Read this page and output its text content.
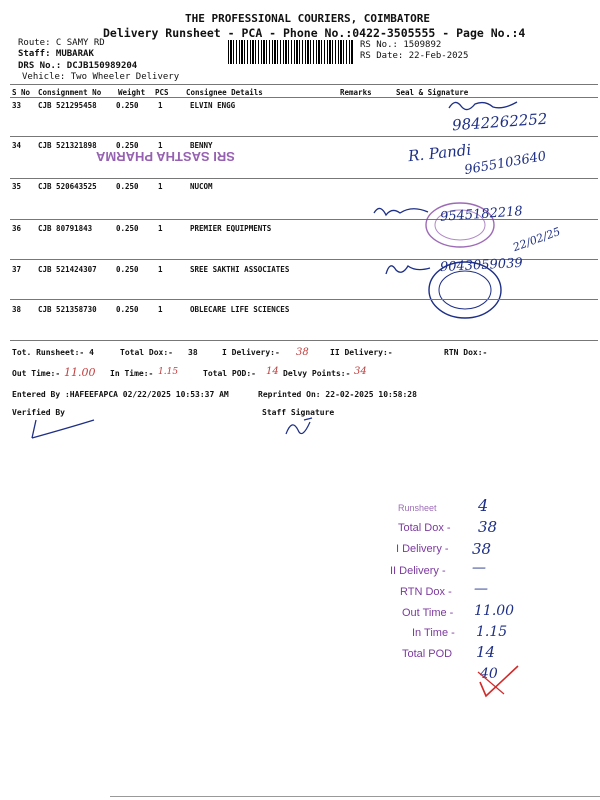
THE PROFESSIONAL COURIERS, COIMBATORE
Delivery Runsheet - PCA - Phone No.:0422-3505555 - Page No.:4
Route: C SAMY RD
Staff: MUBARAK
DRS No.: DCJB150989204
Vehicle: Two Wheeler Delivery
RS No.: 1509892
RS Date: 22-Feb-2025
S No Consignment No Weight PCS Consignee Details	Remarks	Seal & Signature
33 CJB 521295458	0.250	1	ELVIN ENGG
9842262252
34 CJB 521321898	0.250	1	BENNY
SRI SASTHA PHARMA	R. Pandi
9655103640
35 CJB 520643525	0.250	1	NUCOM
36 CJB 80791843	0.250	1	PREMIER EQUIPMENTS
9545182218
22/02/25
37 CJB 521424307	0.250	1	SREE SAKTHI ASSOCIATES	9043059039
38 CJB 521358730	0.250	1	OBLECARE LIFE SCIENCES
Tot. Runsheet:- 4	Total Dox:- 38	I Delivery:- 38	II Delivery:-	RTN Dox:-
Out Time:- 11.00 In Time:- 1.15	Total POD:- 14 Delvy Points:- 34
Entered By :HAFEEFAPCA 02/22/2025 10:53:37 AM	Reprinted On: 22-02-2025 10:58:28
Verified By	Staff Signature
Runsheet	4
Total Dox - 38
I Delivery - 38
II Delivery - —
RTN Dox - —
Out Time - 11.00
In Time - 1.15
Total POD 14
40
